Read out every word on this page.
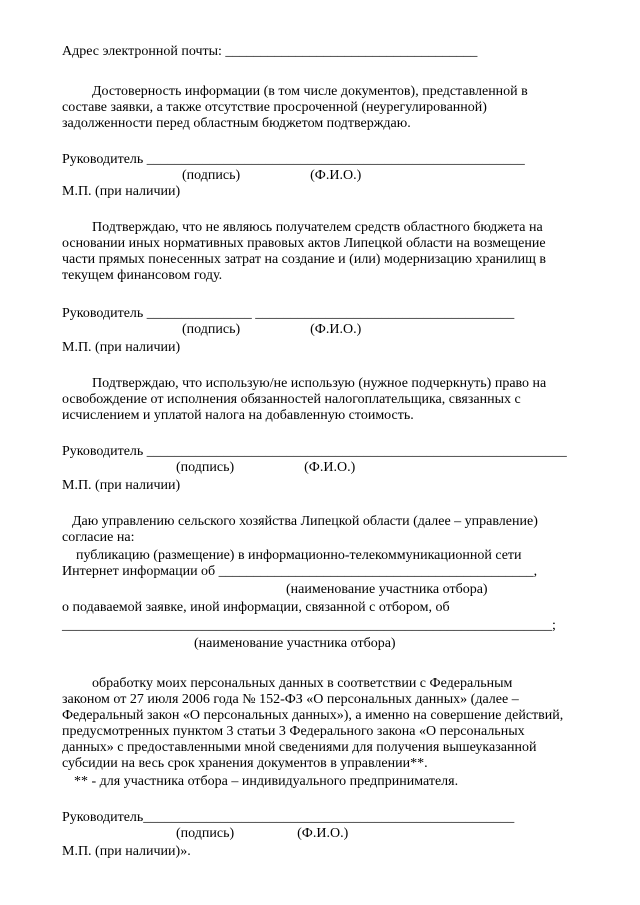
Адрес электронной почты: ____________________________________
Достоверность информации (в том числе документов), представленной в
составе заявки, а также отсутствие просроченной (неурегулированной)
задолженности перед областным бюджетом подтверждаю.
Руководитель ______________________________________________________
(подпись)                    (Ф.И.О.)
М.П. (при наличии)
Подтверждаю, что не являюсь получателем средств областного бюджета на
основании иных нормативных правовых актов Липецкой области на возмещение
части прямых понесенных затрат на создание и (или) модернизацию хранилищ в
текущем финансовом году.
Руководитель _______________ _____________________________________
(подпись)                    (Ф.И.О.)
М.П. (при наличии)
Подтверждаю, что использую/не использую (нужное подчеркнуть) право на
освобождение от исполнения обязанностей налогоплательщика, связанных с
исчислением и уплатой налога на добавленную стоимость.
Руководитель ____________________________________________________________
(подпись)                    (Ф.И.О.)
М.П. (при наличии)
Даю управлению сельского хозяйства Липецкой области (далее – управление)
согласие на:
публикацию (размещение) в информационно-телекоммуникационной сети
Интернет информации об _____________________________________________,
(наименование участника отбора)
о подаваемой заявке, иной информации, связанной с отбором, об
______________________________________________________________________;
(наименование участника отбора)
обработку моих персональных данных в соответствии с Федеральным
законом от 27 июля 2006 года № 152-ФЗ «О персональных данных» (далее –
Федеральный закон «О персональных данных»), а именно на совершение действий,
предусмотренных пунктом 3 статьи 3 Федерального закона «О персональных
данных» с предоставленными мной сведениями для получения вышеуказанной
субсидии на весь срок хранения документов в управлении**.
** - для участника отбора – индивидуального предпринимателя.
Руководитель_____________________________________________________
(подпись)                  (Ф.И.О.)
М.П. (при наличии)».
